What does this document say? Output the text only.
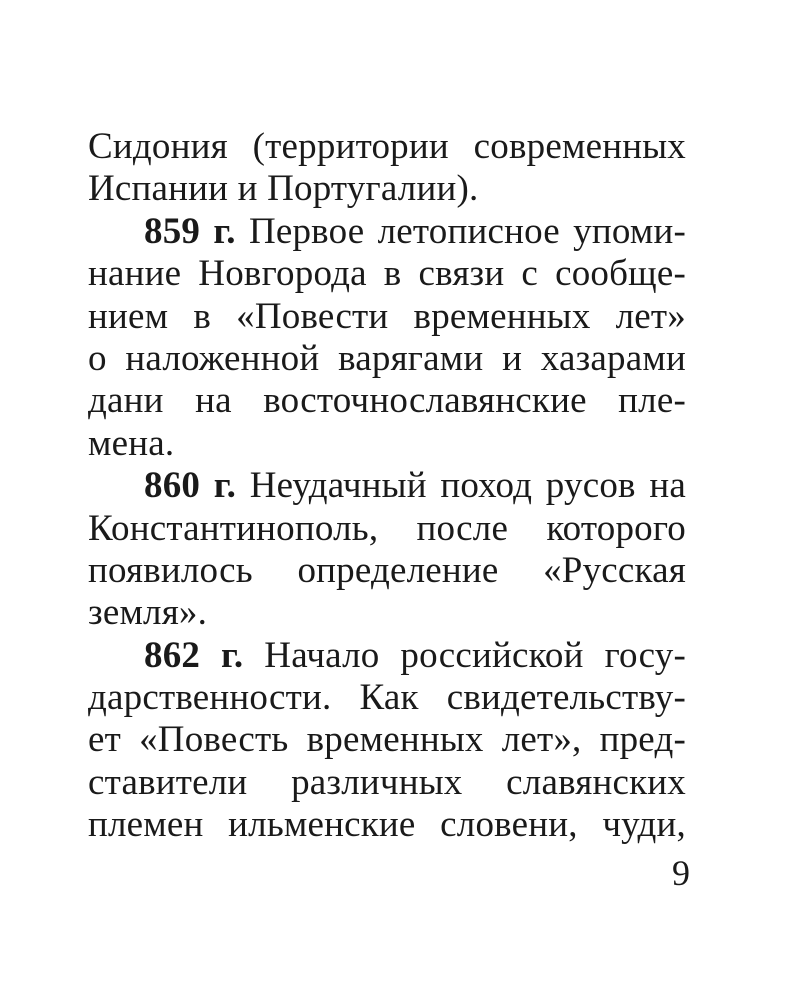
Сидония (территории современных
Испании и Португалии).
859 г. Первое летописное упоми-
нание Новгорода в связи с сообще-
нием в «Повести временных лет»
о наложенной варягами и хазарами
дани на восточнославянские пле-
мена.
860 г. Неудачный поход русов на
Константинополь, после которого
появилось определение «Русская
земля».
862 г. Начало российской госу-
дарственности. Как свидетельству-
ет «Повесть временных лет», пред-
ставители различных славянских
племен ильменские словени, чуди,
9
